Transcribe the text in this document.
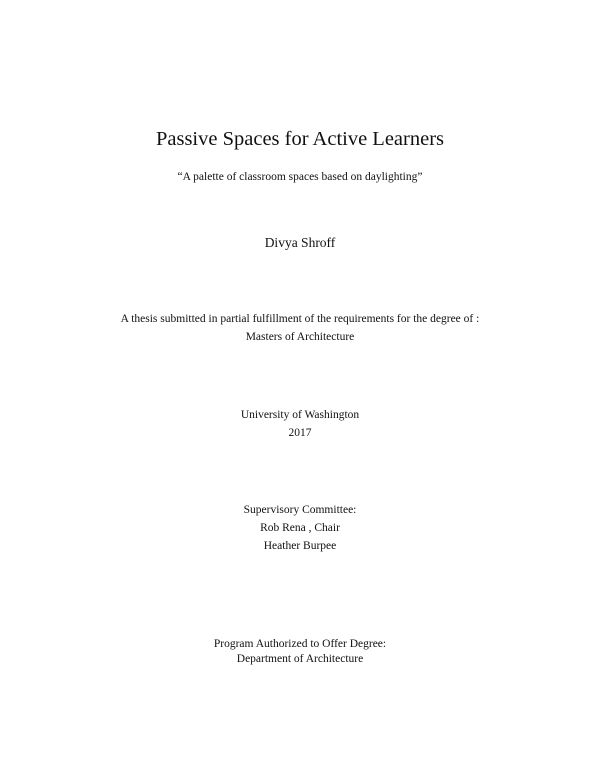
Passive Spaces for Active Learners
“A palette of classroom spaces based on daylighting”
Divya Shroff
A thesis submitted in partial fulfillment of the requirements for the degree of :
Masters of Architecture
University of Washington
2017
Supervisory Committee:
Rob Rena , Chair
Heather Burpee
Program Authorized to Offer Degree:
Department of Architecture
